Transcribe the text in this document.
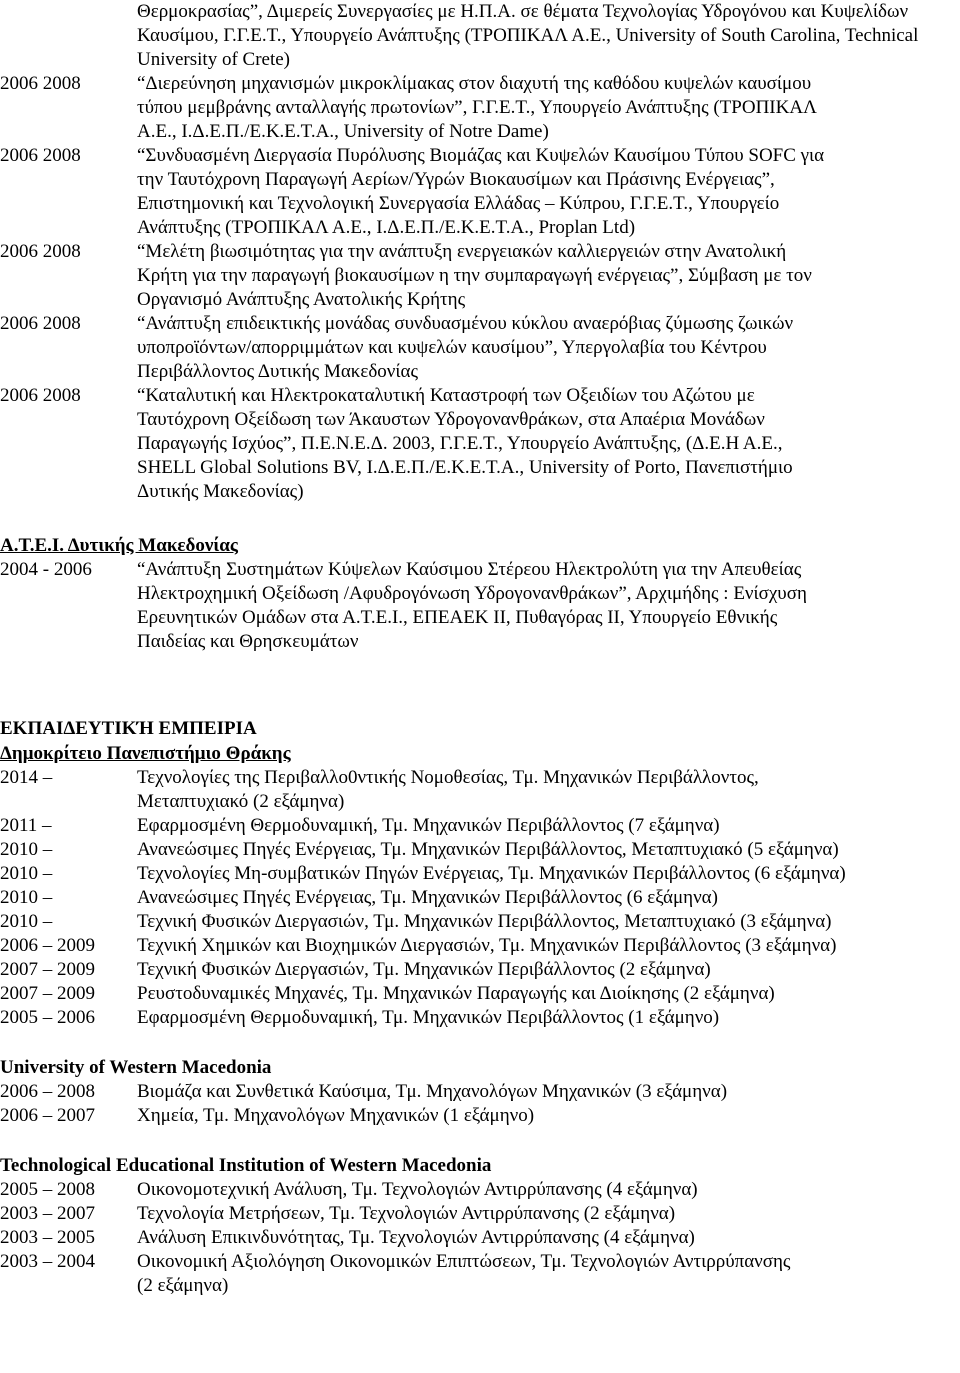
Θερμοκρασίας”, Διμερείς Συνεργασίες με Η.Π.Α. σε θέματα Τεχνολογίας Υδρογόνου και Κυψελίδων Καυσίμου, Γ.Γ.Ε.Τ., Υπουργείο Ανάπτυξης (ΤΡΟΠΙΚΑΛ Α.Ε., University of South Carolina, Technical University of Crete)
2006 2008	“Διερεύνηση μηχανισμών μικροκλίμακας στον διαχυτή της καθόδου κυψελών καυσίμου
τύπου μεμβράνης ανταλλαγής πρωτονίων”, Γ.Γ.Ε.Τ., Υπουργείο Ανάπτυξης (ΤΡΟΠΙΚΑΛ
Α.Ε., Ι.Δ.Ε.Π./Ε.Κ.Ε.Τ.Α., University of Notre Dame)
2006 2008	“Συνδυασμένη Διεργασία Πυρόλυσης Βιομάζας και Κυψελών Καυσίμου Τύπου SOFC για
την Ταυτόχρονη Παραγωγή Αερίων/Υγρών Βιοκαυσίμων και Πράσινης Ενέργειας”,
Επιστημονική και Τεχνολογική Συνεργασία Ελλάδας – Κύπρου, Γ.Γ.Ε.Τ., Υπουργείο
Ανάπτυξης (ΤΡΟΠΙΚΑΛ Α.Ε., Ι.Δ.Ε.Π./Ε.Κ.Ε.Τ.Α., Proplan Ltd)
2006 2008	“Μελέτη βιωσιμότητας για την ανάπτυξη ενεργειακών καλλιεργειών στην Ανατολική
Κρήτη για την παραγωγή βιοκαυσίμων η την συμπαραγωγή ενέργειας”, Σύμβαση με τον
Οργανισμό Ανάπτυξης Ανατολικής Κρήτης
2006 2008	“Ανάπτυξη επιδεικτικής μονάδας συνδυασμένου κύκλου αναερόβιας ζύμωσης ζωικών
υποπροϊόντων/απορριμμάτων και κυψελών καυσίμου”, Υπεργολαβία του Κέντρου
Περιβάλλοντος Δυτικής Μακεδονίας
2006 2008	“Καταλυτική και Ηλεκτροκαταλυτική Καταστροφή των Οξειδίων του Αζώτου με
Ταυτόχρονη Οξείδωση των Άκαυστων Υδρογονανθράκων, στα Απαέρια Μονάδων
Παραγωγής Ισχύος”, Π.Ε.Ν.Ε.Δ. 2003, Γ.Γ.Ε.Τ., Υπουργείο Ανάπτυξης, (Δ.Ε.Η Α.Ε.,
SHELL Global Solutions BV, Ι.Δ.Ε.Π./Ε.Κ.Ε.Τ.Α., University of Porto, Πανεπιστήμιο
Δυτικής Μακεδονίας)
Α.Τ.Ε.Ι. Δυτικής Μακεδονίας
2004 - 2006	“Ανάπτυξη Συστημάτων Κύψελων Καύσιμου Στέρεου Ηλεκτρολύτη για την Απευθείας
Ηλεκτροχημική Οξείδωση /Αφυδρογόνωση Υδρογονανθράκων”, Αρχιμήδης : Ενίσχυση
Ερευνητικών Ομάδων στα Α.Τ.Ε.Ι., ΕΠΕΑΕΚ ΙΙ, Πυθαγόρας ΙΙ, Υπουργείο Εθνικής
Παιδείας και Θρησκευμάτων
ΕΚΠΑΙΔΕΥΤΙΚΉ ΕΜΠΕΙΡΙΑ
Δημοκρίτειο Πανεπιστήμιο Θράκης
2014 –	Τεχνολογίες της Περιβαλλο0ντικής Νομοθεσίας, Τμ. Μηχανικών Περιβάλλοντος,
Μεταπτυχιακό (2 εξάμηνα)
2011 –	Εφαρμοσμένη Θερμοδυναμική, Τμ. Μηχανικών Περιβάλλοντος (7 εξάμηνα)
2010 –	Ανανεώσιμες Πηγές Ενέργειας, Τμ. Μηχανικών Περιβάλλοντος, Μεταπτυχιακό (5 εξάμηνα)
2010 –	Τεχνολογίες Μη-συμβατικών Πηγών Ενέργειας, Τμ. Μηχανικών Περιβάλλοντος (6 εξάμηνα)
2010 –	Ανανεώσιμες Πηγές Ενέργειας, Τμ. Μηχανικών Περιβάλλοντος (6 εξάμηνα)
2010 –	Τεχνική Φυσικών Διεργασιών, Τμ. Μηχανικών Περιβάλλοντος, Μεταπτυχιακό (3 εξάμηνα)
2006 – 2009	Τεχνική Χημικών και Βιοχημικών Διεργασιών, Τμ. Μηχανικών Περιβάλλοντος (3 εξάμηνα)
2007 – 2009	Τεχνική Φυσικών Διεργασιών, Τμ. Μηχανικών Περιβάλλοντος (2 εξάμηνα)
2007 – 2009	Ρευστοδυναμικές Μηχανές, Τμ. Μηχανικών Παραγωγής και Διοίκησης (2 εξάμηνα)
2005 – 2006	Εφαρμοσμένη Θερμοδυναμική, Τμ. Μηχανικών Περιβάλλοντος (1 εξάμηνο)
University of Western Macedonia
2006 – 2008	Βιομάζα και Συνθετικά Καύσιμα, Τμ. Μηχανολόγων Μηχανικών (3 εξάμηνα)
2006 – 2007	Χημεία, Τμ. Μηχανολόγων Μηχανικών (1 εξάμηνο)
Technological Educational Institution of Western Macedonia
2005 – 2008	Οικονομοτεχνική Ανάλυση, Τμ. Τεχνολογιών Αντιρρύπανσης (4 εξάμηνα)
2003 – 2007	Τεχνολογία Μετρήσεων, Τμ. Τεχνολογιών Αντιρρύπανσης (2 εξάμηνα)
2003 – 2005	Ανάλυση Επικινδυνότητας, Τμ. Τεχνολογιών Αντιρρύπανσης (4 εξάμηνα)
2003 – 2004	Οικονομική Αξιολόγηση Οικονομικών Επιπτώσεων, Τμ. Τεχνολογιών Αντιρρύπανσης
(2 εξάμηνα)
